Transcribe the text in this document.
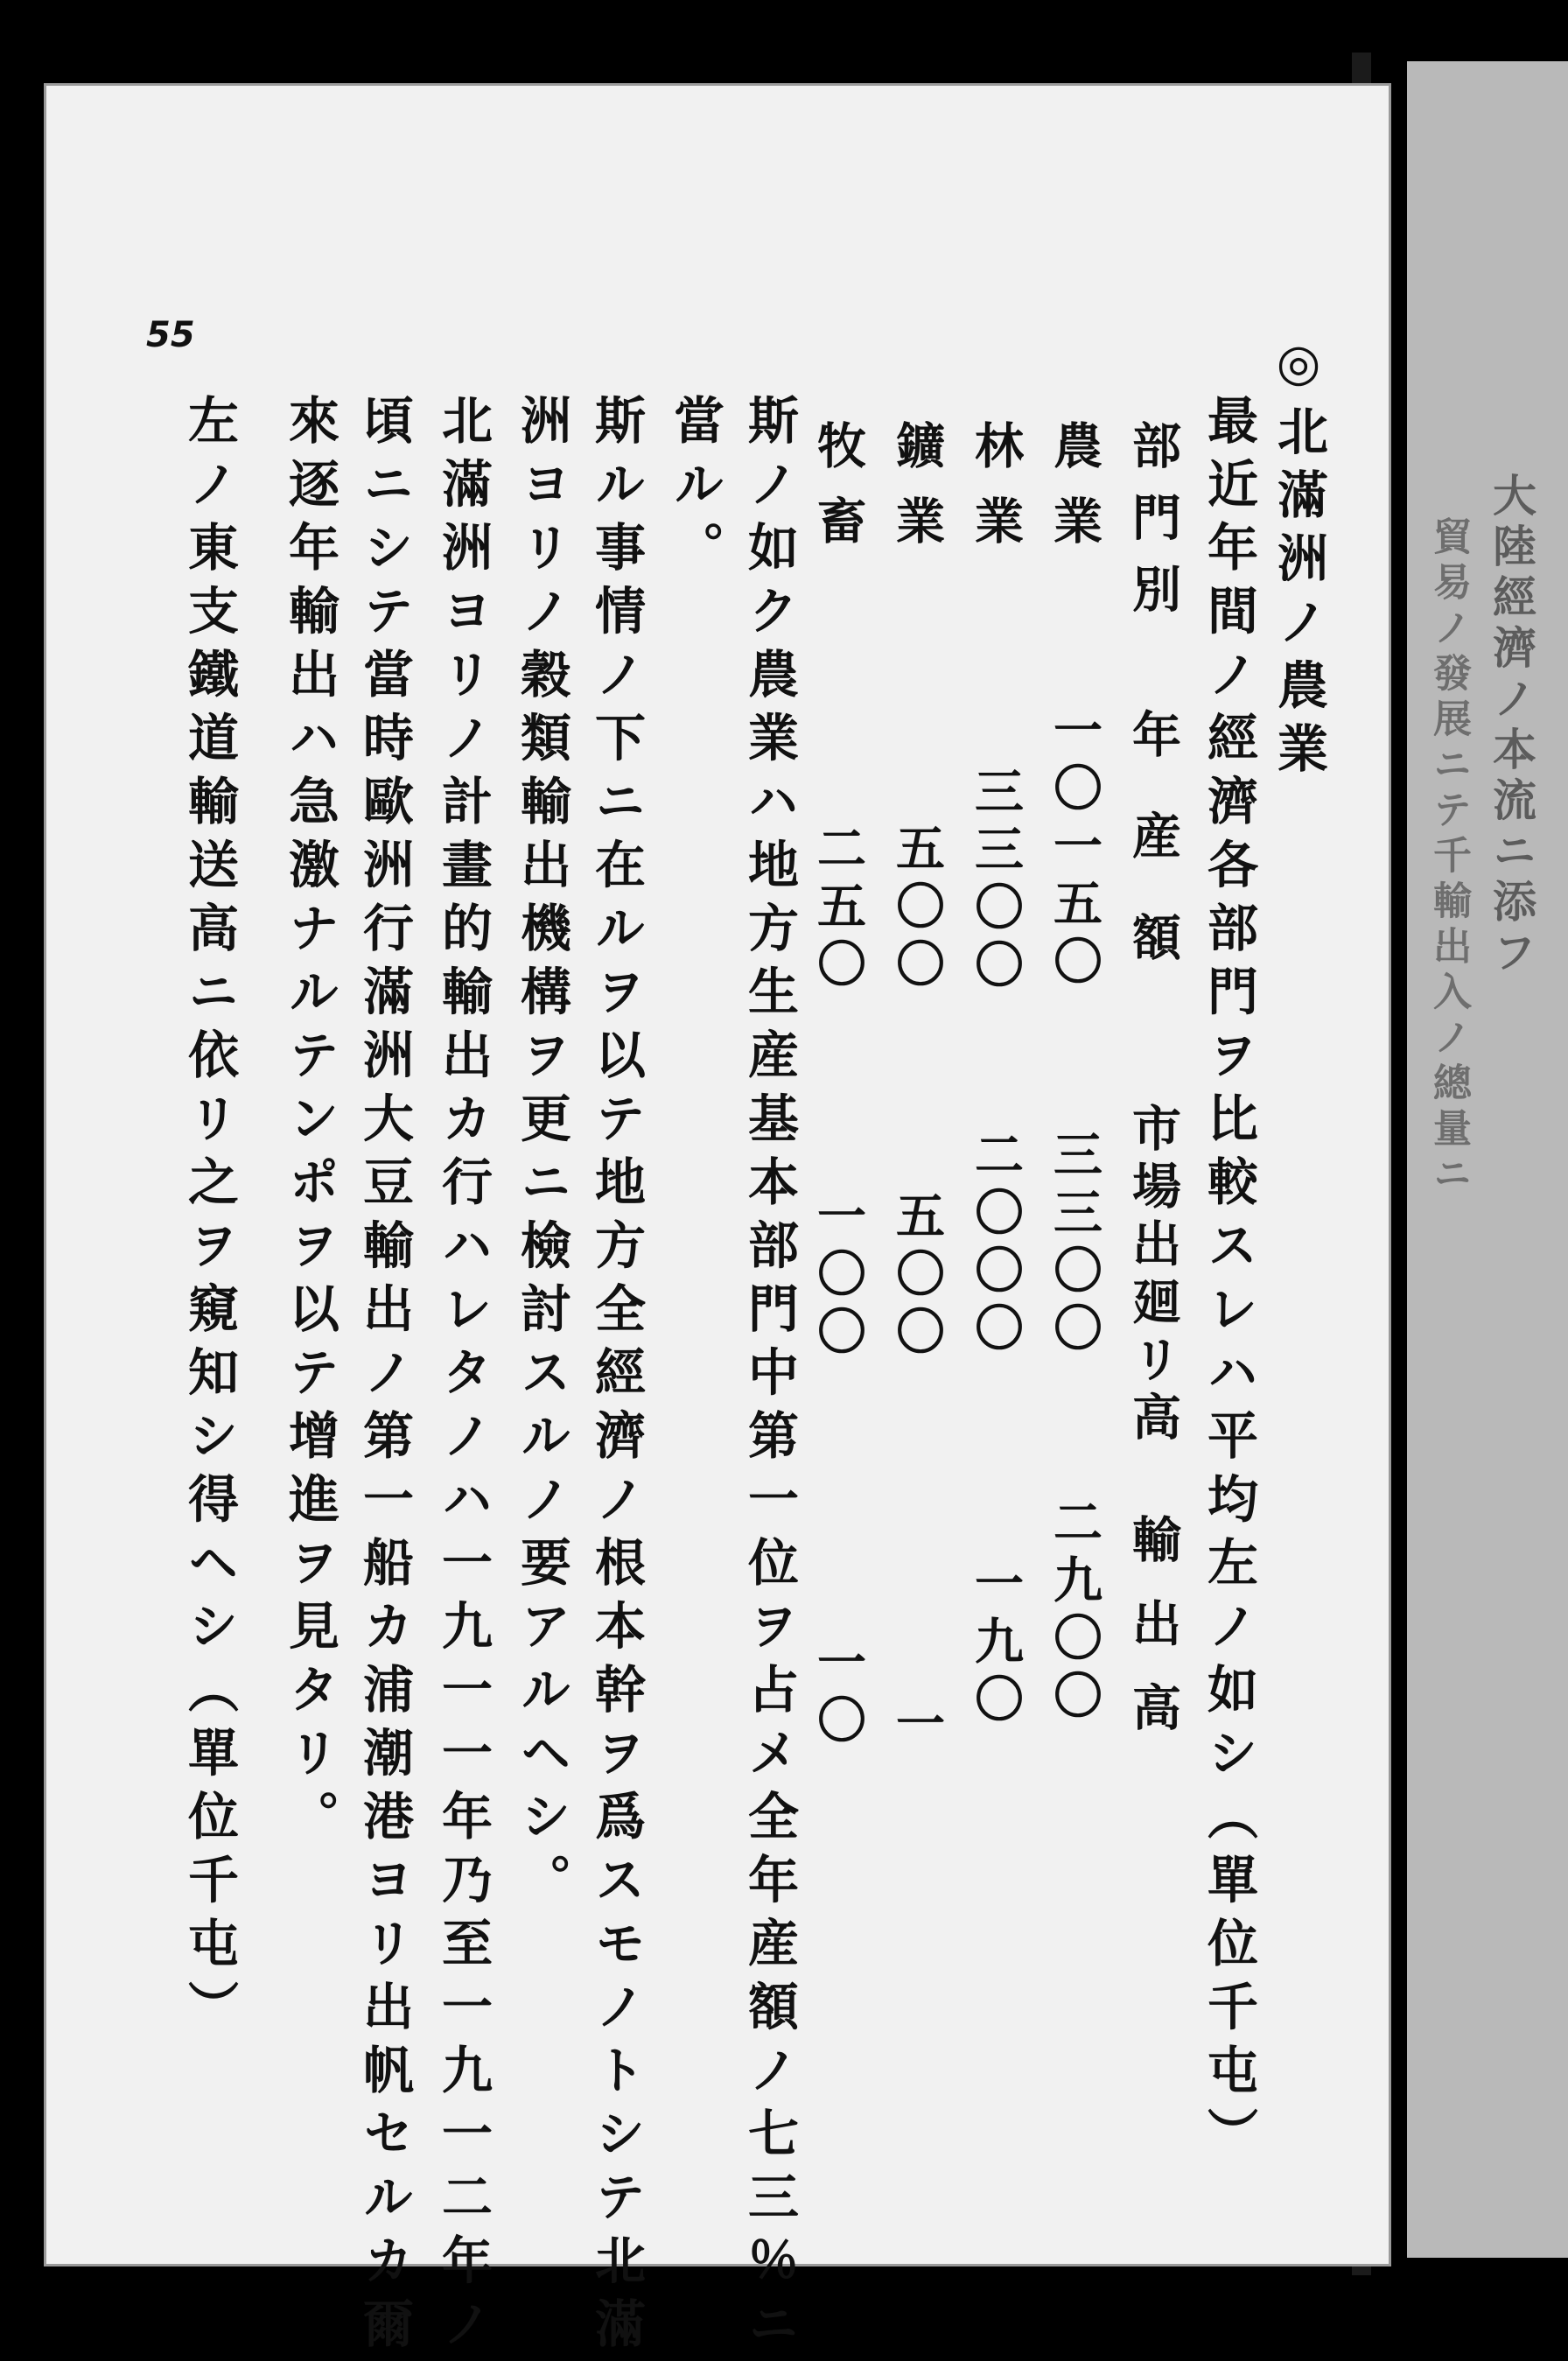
大陸經濟ノ本流ニ添フ
貿易ノ發展ニテ千輸出入ノ總量ニ
55	◎北滿洲ノ農業
最近年間ノ經濟各部門ヲ比較スレハ平均左ノ如シ（單位千屯）
部門別
年産額
市場出廻リ高
輸出高
農業
一〇一五〇
三三〇〇
二九〇〇
林業
三三〇〇
二〇〇〇
一九〇
鑛業
五〇〇
五〇〇
一
牧畜
二五〇
一〇〇
一〇
斯ノ如ク農業ハ地方生産基本部門中第一位ヲ占メ全年産額ノ七三％ニ
當ル。
斯ル事情ノ下ニ在ルヲ以テ地方全經濟ノ根本幹ヲ爲スモノトシテ北滿
洲ヨリノ穀類輸出機構ヲ更ニ檢討スルノ要アルヘシ。
北滿洲ヨリノ計畫的輸出カ行ハレタノハ一九一一年乃至一九一二年ノ
頃ニシテ當時歐洲行滿洲大豆輸出ノ第一船カ浦潮港ヨリ出帆セルカ爾
來逐年輸出ハ急激ナルテンポヲ以テ增進ヲ見タリ。
左ノ東支鐵道輸送高ニ依リ之ヲ窺知シ得ヘシ（單位千屯）
